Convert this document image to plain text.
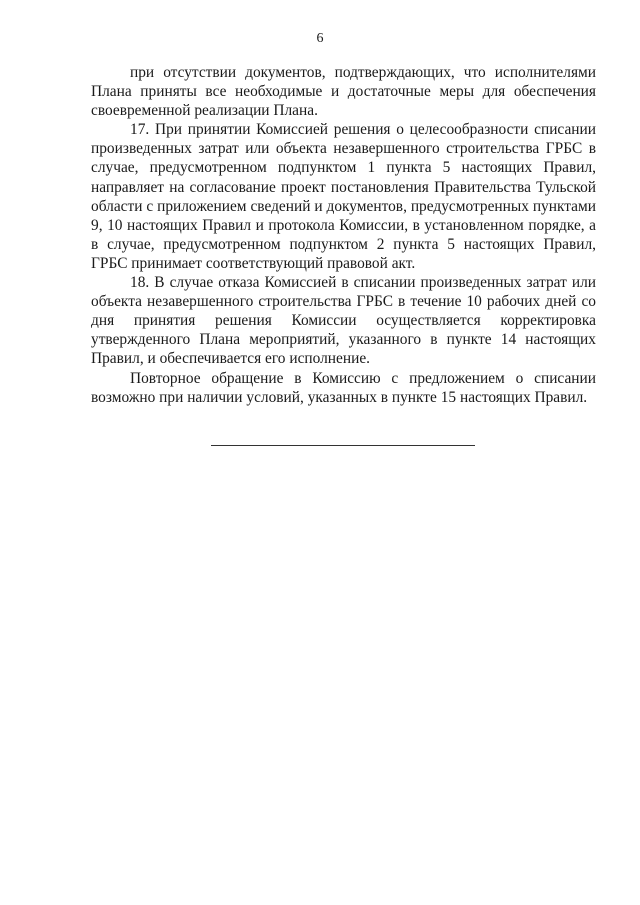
6

при отсутствии документов, подтверждающих, что исполнителями Плана приняты все необходимые и достаточные меры для обеспечения своевременной реализации Плана.

17. При принятии Комиссией решения о целесообразности списании произведенных затрат или объекта незавершенного строительства ГРБС в случае, предусмотренном подпунктом 1 пункта 5 настоящих Правил, направляет на согласование проект постановления Правительства Тульской области с приложением сведений и документов, предусмотренных пунктами 9, 10 настоящих Правил и протокола Комиссии, в установленном порядке, а в случае, предусмотренном подпунктом 2 пункта 5 настоящих Правил, ГРБС принимает соответствующий правовой акт.

18. В случае отказа Комиссией в списании произведенных затрат или объекта незавершенного строительства ГРБС в течение 10 рабочих дней со дня принятия решения Комиссии осуществляется корректировка утвержденного Плана мероприятий, указанного в пункте 14 настоящих Правил, и обеспечивается его исполнение.

Повторное обращение в Комиссию с предложением о списании возможно при наличии условий, указанных в пункте 15 настоящих Правил.
